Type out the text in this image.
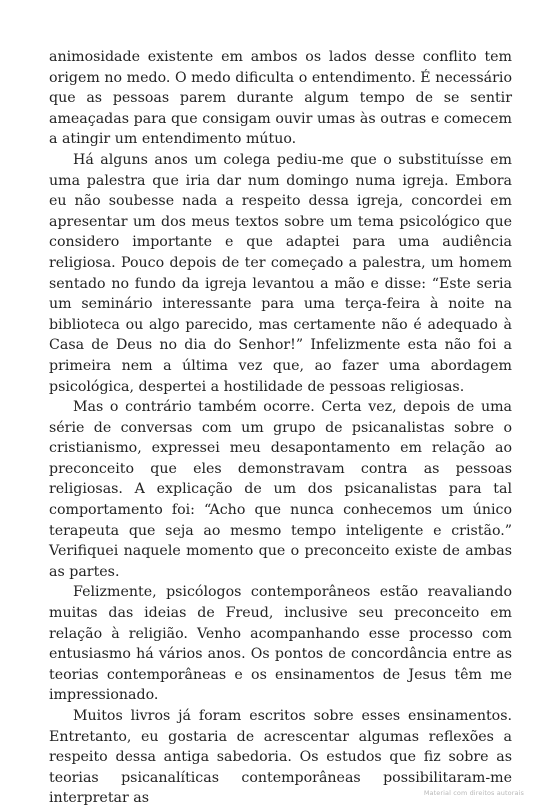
animosidade existente em ambos os lados desse conflito tem origem no medo. O medo dificulta o entendimento. É necessário que as pessoas parem durante algum tempo de se sentir ameaçadas para que consigam ouvir umas às outras e comecem a atingir um entendimento mútuo.

Há alguns anos um colega pediu-me que o substituísse em uma palestra que iria dar num domingo numa igreja. Embora eu não soubesse nada a respeito dessa igreja, concordei em apresentar um dos meus textos sobre um tema psicológico que considero importante e que adaptei para uma audiência religiosa. Pouco depois de ter começado a palestra, um homem sentado no fundo da igreja levantou a mão e disse: “Este seria um seminário interessante para uma terça-feira à noite na biblioteca ou algo parecido, mas certamente não é adequado à Casa de Deus no dia do Senhor!” Infelizmente esta não foi a primeira nem a última vez que, ao fazer uma abordagem psicológica, despertei a hostilidade de pessoas religiosas.

Mas o contrário também ocorre. Certa vez, depois de uma série de conversas com um grupo de psicanalistas sobre o cristianismo, expressei meu desapontamento em relação ao preconceito que eles demonstravam contra as pessoas religiosas. A explicação de um dos psicanalistas para tal comportamento foi: “Acho que nunca conhecemos um único terapeuta que seja ao mesmo tempo inteligente e cristão.” Verifiquei naquele momento que o preconceito existe de ambas as partes.

Felizmente, psicólogos contemporâneos estão reavaliando muitas das ideias de Freud, inclusive seu preconceito em relação à religião. Venho acompanhando esse processo com entusiasmo há vários anos. Os pontos de concordância entre as teorias contemporâneas e os ensinamentos de Jesus têm me impressionado.

Muitos livros já foram escritos sobre esses ensinamentos. Entretanto, eu gostaria de acrescentar algumas reflexões a respeito dessa antiga sabedoria. Os estudos que fiz sobre as teorias psicanalíticas contemporâneas possibilitaram-me interpretar as	Material com direitos autorais
